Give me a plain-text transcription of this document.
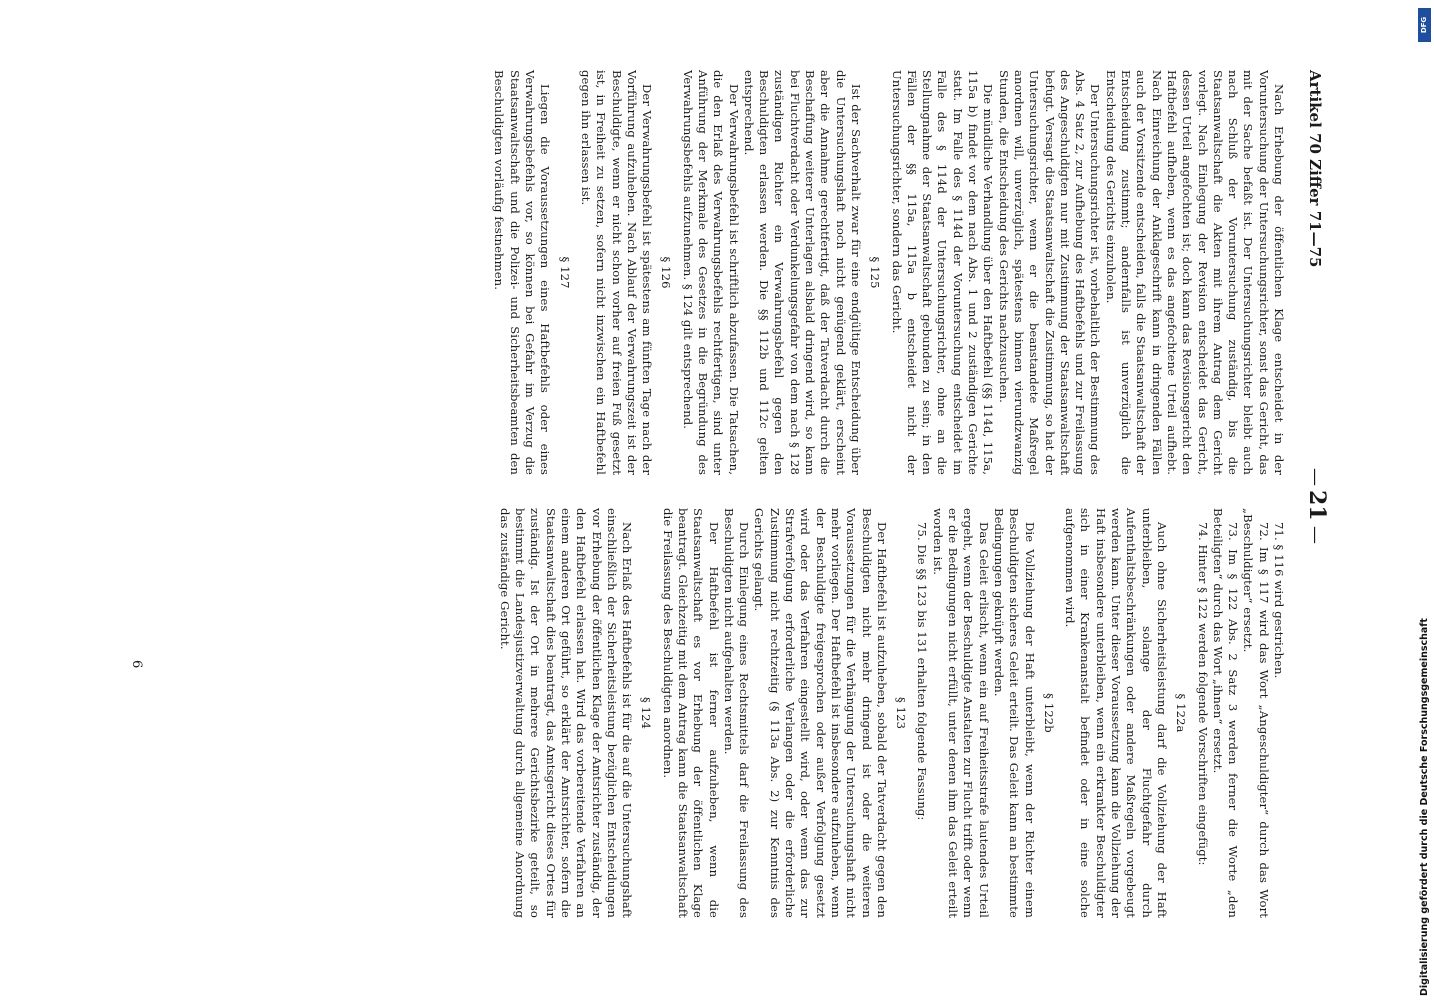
Artikel 70 Ziffer 71—75
—
21
—

Nach Erhebung der öffentlichen Klage entscheidet in der Voruntersuchung der Untersuchungsrichter, sonst das Gericht, das mit der Sache befaßt ist. Der Untersuchungsrichter bleibt auch nach Schluß der Voruntersuchung zuständig, bis die Staatsanwaltschaft die Akten mit ihrem Antrag dem Gericht vorlegt. Nach Einlegung der Revision entscheidet das Gericht, dessen Urteil angefochten ist; doch kann das Revisionsgericht den Haftbefehl aufheben, wenn es das angefochtene Urteil aufhebt. Nach Einreichung der Anklageschrift kann in dringenden Fällen auch der Vorsitzende entscheiden, falls die Staatsanwaltschaft der Entscheidung zustimmt; andernfalls ist unverzüglich die Entscheidung des Gerichts einzuholen.

Der Untersuchungsrichter ist, vorbehaltlich der Bestimmung des Abs. 4 Satz 2, zur Aufhebung des Haftbefehls und zur Freilassung des Angeschuldigten nur mit Zustimmung der Staatsanwaltschaft befugt. Versagt die Staatsanwaltschaft die Zustimmung, so hat der Untersuchungsrichter, wenn er die beanstandete Maßregel anordnen will, unverzüglich, spätestens binnen vierundzwanzig Stunden, die Entscheidung des Gerichts nachzusuchen.

Die mündliche Verhandlung über den Haftbefehl (§§ 114d, 115a, 115a b) findet vor dem nach Abs. 1 und 2 zuständigen Gerichte statt. Im Falle des § 114d der Voruntersuchung entscheidet im Falle des § 114d der Untersuchungsrichter, ohne an die Stellungnahme der Staatsanwaltschaft gebunden zu sein; in den Fällen der §§ 115a, 115a b entscheidet nicht der Untersuchungsrichter, sondern das Gericht.

§ 125

Ist der Sachverhalt zwar für eine endgültige Entscheidung über die Untersuchungshaft noch nicht genügend geklärt, erscheint aber die Annahme gerechtfertigt, daß der Tatverdacht durch die Beschaffung weiterer Unterlagen alsbald dringend wird, so kann bei Fluchtverdacht oder Verdunkelungsgefahr von dem nach § 128 zuständigen Richter ein Verwahrungsbefehl gegen den Beschuldigten erlassen werden. Die §§ 112b und 112c gelten entsprechend.

Der Verwahrungsbefehl ist schriftlich abzufassen. Die Tatsachen, die den Erlaß des Verwahrungsbefehls rechtfertigen, sind unter Anführung der Merkmale des Gesetzes in die Begründung des Verwahrungsbefehls aufzunehmen. § 124 gilt entsprechend.

§ 126

Der Verwahrungsbefehl ist spätestens am fünften Tage nach der Vorführung aufzuheben. Nach Ablauf der Verwahrungszeit ist der Beschuldigte, wenn er nicht schon vorher auf freien Fuß gesetzt ist, in Freiheit zu setzen, sofern nicht inzwischen ein Haftbefehl gegen ihn erlassen ist.

§ 127

Liegen die Voraussetzungen eines Haftbefehls oder eines Verwahrungsbefehls vor, so können bei Gefahr im Verzug die Staatsanwaltschaft und die Polizei- und Sicherheitsbeamten den Beschuldigten vorläufig festnehmen.

71. § 116 wird gestrichen.

72. Im § 117 wird das Wort „Angeschuldigter“ durch das Wort „Beschuldigter“ ersetzt.

73. Im § 122 Abs. 2 Satz 3 werden ferner die Worte „den Beteiligten“ durch das Wort „ihnen“ ersetzt.

74. Hinter § 122 werden folgende Vorschriften eingefügt:

§ 122a

Auch ohne Sicherheitsleistung darf die Vollziehung der Haft unterbleiben, solange der Fluchtgefahr durch Aufenthaltsbeschränkungen oder andere Maßregeln vorgebeugt werden kann. Unter dieser Voraussetzung kann die Vollziehung der Haft insbesondere unterbleiben, wenn ein erkrankter Beschuldigter sich in einer Krankenanstalt befindet oder in eine solche aufgenommen wird.

§ 122b

Die Vollziehung der Haft unterbleibt, wenn der Richter einem Beschuldigten sicheres Geleit erteilt. Das Geleit kann an bestimmte Bedingungen geknüpft werden.

Das Geleit erlischt, wenn ein auf Freiheitsstrafe lautendes Urteil ergeht, wenn der Beschuldigte Anstalten zur Flucht trifft oder wenn er die Bedingungen nicht erfüllt, unter denen ihm das Geleit erteilt worden ist.

75. Die §§ 123 bis 131 erhalten folgende Fassung:

§ 123

Der Haftbefehl ist aufzuheben, sobald der Tatverdacht gegen den Beschuldigten nicht mehr dringend ist oder die weiteren Voraussetzungen für die Verhängung der Untersuchungshaft nicht mehr vorliegen. Der Haftbefehl ist insbesondere aufzuheben, wenn der Beschuldigte freigesprochen oder außer Verfolgung gesetzt wird oder das Verfahren eingestellt wird, oder wenn das zur Strafverfolgung erforderliche Verlangen oder die erforderliche Zustimmung nicht rechtzeitig (§ 113a Abs. 2) zur Kenntnis des Gerichts gelangt.

Durch Einlegung eines Rechtsmittels darf die Freilassung des Beschuldigten nicht aufgehalten werden.

Der Haftbefehl ist ferner aufzuheben, wenn die Staatsanwaltschaft es vor Erhebung der öffentlichen Klage beantragt. Gleichzeitig mit dem Antrag kann die Staatsanwaltschaft die Freilassung des Beschuldigten anordnen.

§ 124

Nach Erlaß des Haftbefehls ist für die auf die Untersuchungshaft einschließlich der Sicherheitsleistung bezüglichen Entscheidungen vor Erhebung der öffentlichen Klage der Amtsrichter zuständig, der den Haftbefehl erlassen hat. Wird das vorbereitende Verfahren an einem anderen Ort geführt, so erklärt der Amtsrichter, sofern die Staatsanwaltschaft dies beantragt, das Amtsgericht dieses Ortes für zuständig. Ist der Ort in mehrere Gerichtsbezirke geteilt, so bestimmt die Landesjustizverwaltung durch allgemeine Anordnung das zuständige Gericht.

6
DFG
Digitalisierung gefördert durch die Deutsche Forschungsgemeinschaft
